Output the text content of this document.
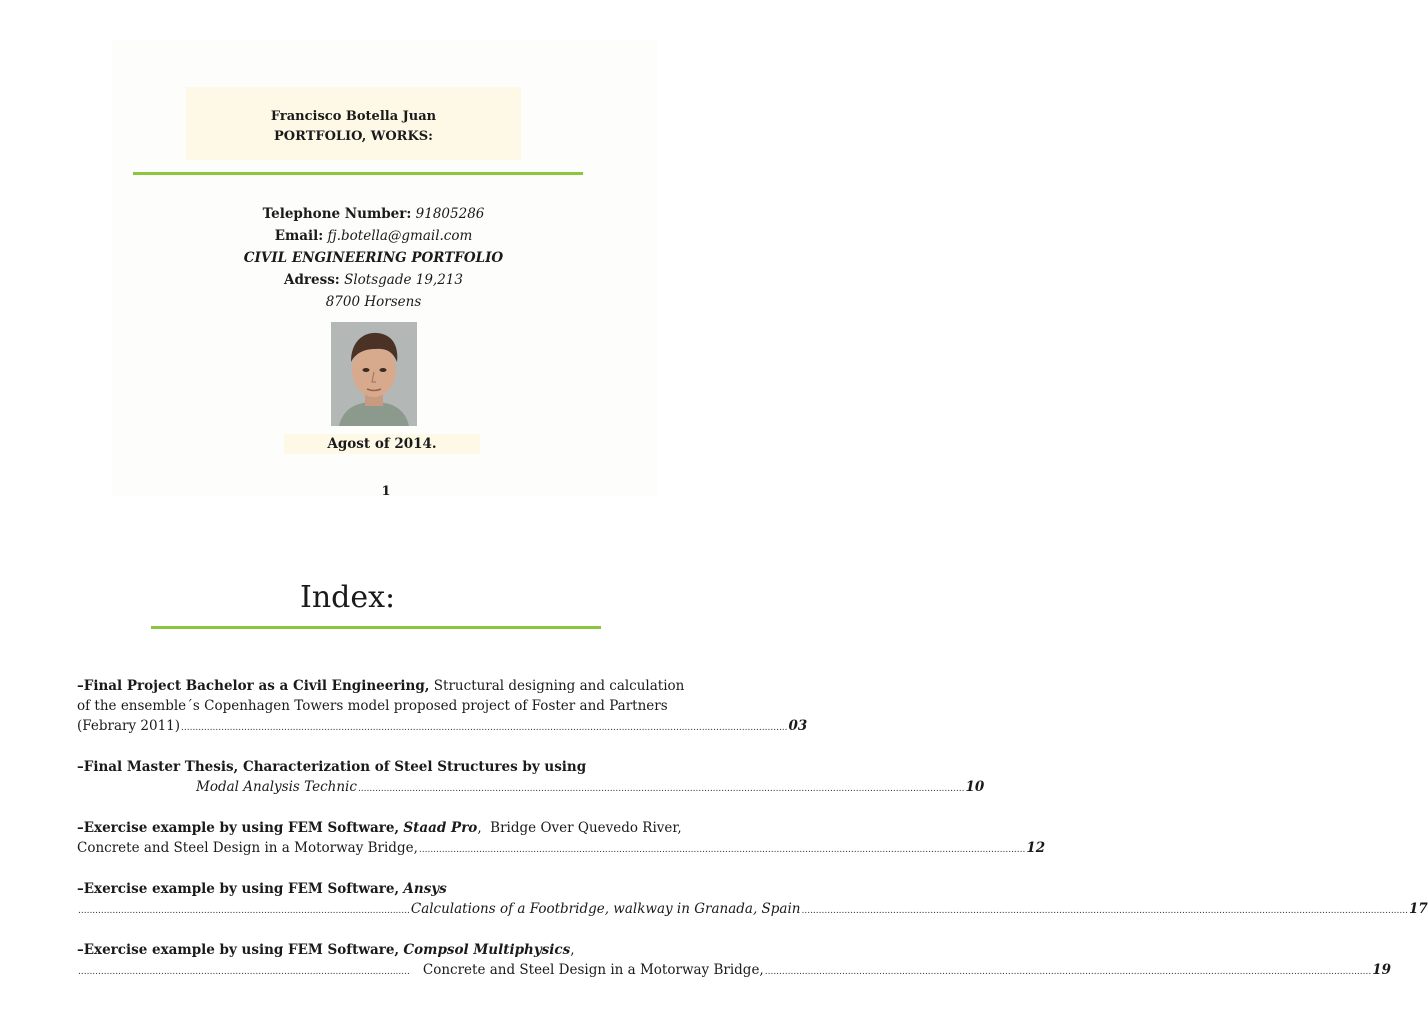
Francisco Botella Juan
PORTFOLIO, WORKS:
Telephone Number: 91805286
Email: fj.botella@gmail.com
CIVIL ENGINEERING PORTFOLIO
Adress: Slotsgade 19,213
8700 Horsens
Agost of 2014.
1
Index:
–Final Project Bachelor as a Civil Engineering, Structural designing and calculation
of the ensemble´s Copenhagen Towers model proposed project of Foster and Partners
(Febrary 2011) .................................................................................................................................................................................................................... 03
–Final Master Thesis, Characterization of Steel Structures by using
Modal Analysis Technic .................................................................................................................................................................................................................... 10
–Exercise example by using FEM Software,
Staad Pro ,  Bridge Over Quevedo River,
Concrete and Steel Design in a Motorway Bridge, .................................................................................................................................................................................................................... 12
–Exercise example by using FEM Software,
Ansys
.................................................................................................................... Calculations of a Footbridge, walkway in Granada, Spain .................................................................................................................................................................................................................... 17
–Exercise example by using FEM Software,
Compsol Multiphysics ,
.................................................................................................................... Concrete and Steel Design in a Motorway Bridge, .................................................................................................................................................................................................................... 19
